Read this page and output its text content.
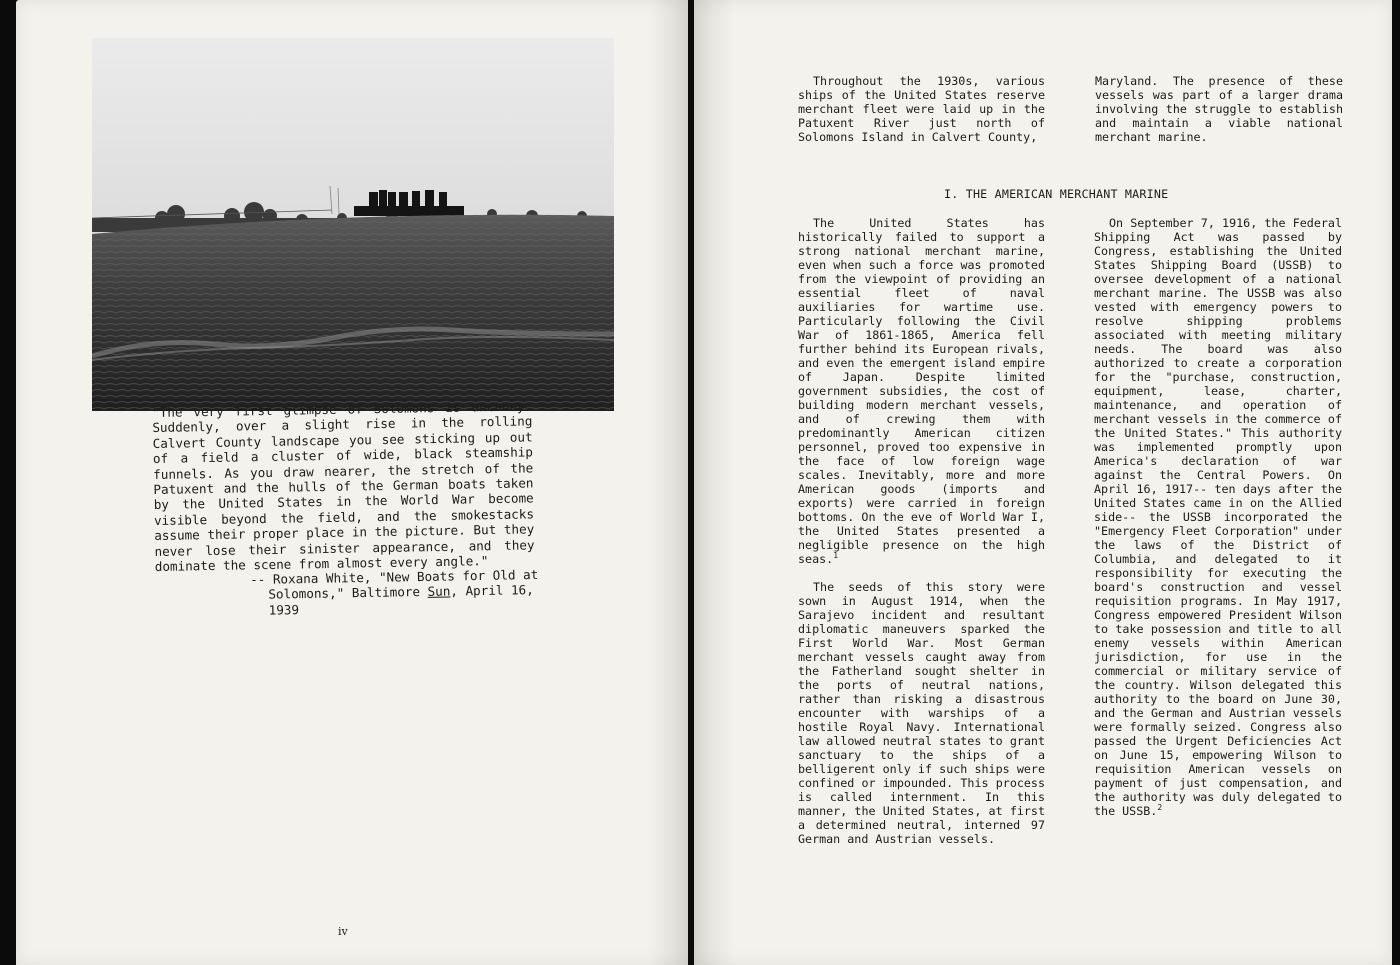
"The very first glimpse of Solomons is uncanny. Suddenly, over a slight rise in the rolling Calvert County landscape you see sticking up out of a field a cluster of wide, black steamship funnels. As you draw nearer, the stretch of the Patuxent and the hulls of the German boats taken by the United States in the World War become visible beyond the field, and the smokestacks assume their proper place in the picture. But they never lose their sinister appearance, and they dominate the scene from almost every angle."
-- Roxana White, "New Boats for Old at
Solomons," Baltimore Sun, April 16,
1939
iv

Throughout the 1930s, various ships of the United States reserve merchant fleet were laid up in the Patuxent River just north of Solomons Island in Calvert County,

Maryland. The presence of these vessels was part of a larger drama involving the struggle to establish and maintain a viable national merchant marine.

I. THE AMERICAN MERCHANT MARINE

The United States has historically failed to support a strong national merchant marine, even when such a force was promoted from the viewpoint of providing an essential fleet of naval auxiliaries for wartime use. Particularly following the Civil War of 1861-1865, America fell further behind its European rivals, and even the emergent island empire of Japan. Despite limited government subsidies, the cost of building modern merchant vessels, and of crewing them with predominantly American citizen personnel, proved too expensive in the face of low foreign wage scales. Inevitably, more and more American goods (imports and exports) were carried in foreign bottoms. On the eve of World War I, the United States presented a negligible presence on the high seas.$^1$

The seeds of this story were sown in August 1914, when the Sarajevo incident and resultant diplomatic maneuvers sparked the First World War. Most German merchant vessels caught away from the Fatherland sought shelter in the ports of neutral nations, rather than risking a disastrous encounter with warships of a hostile Royal Navy. International law allowed neutral states to grant sanctuary to the ships of a belligerent only if such ships were confined or impounded. This process is called internment. In this manner, the United States, at first a determined neutral, interned 97 German and Austrian vessels.

On September 7, 1916, the Federal Shipping Act was passed by Congress, establishing the United States Shipping Board (USSB) to oversee development of a national merchant marine. The USSB was also vested with emergency powers to resolve shipping problems associated with meeting military needs. The board was also authorized to create a corporation for the "purchase, construction, equipment, lease, charter, maintenance, and operation of merchant vessels in the commerce of the United States." This authority was implemented promptly upon America's declaration of war against the Central Powers. On April 16, 1917-- ten days after the United States came in on the Allied side-- the USSB incorporated the "Emergency Fleet Corporation" under the laws of the District of Columbia, and delegated to it responsibility for executing the board's construction and vessel requisition programs. In May 1917, Congress empowered President Wilson to take possession and title to all enemy vessels within American jurisdiction, for use in the commercial or military service of the country. Wilson delegated this authority to the board on June 30, and the German and Austrian vessels were formally seized. Congress also passed the Urgent Deficiencies Act on June 15, empowering Wilson to requisition American vessels on payment of just compensation, and the authority was duly delegated to the USSB.$^2$
